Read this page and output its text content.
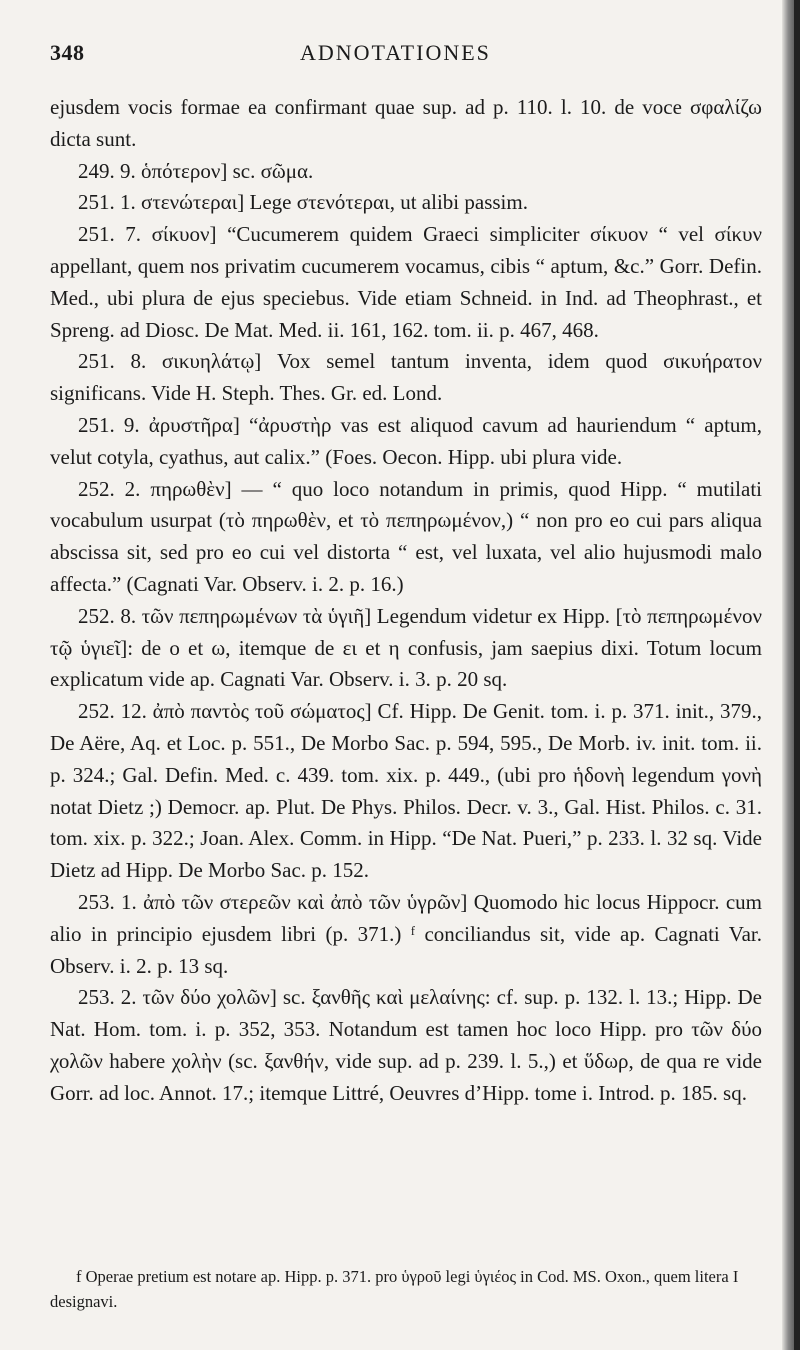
348	ADNOTATIONES

ejusdem vocis formae ea confirmant quae sup. ad p. 110. l. 10. de voce σφαλίζω dicta sunt.

249. 9. ὁπότερον] sc. σῶμα.

251. 1. στενώτεραι] Lege στενότεραι, ut alibi passim.

251. 7. σίκυον] “Cucumerem quidem Graeci simpliciter σίκυον “ vel σίκυν appellant, quem nos privatim cucumerem vocamus, cibis “ aptum, &c.” Gorr. Defin. Med., ubi plura de ejus speciebus. Vide etiam Schneid. in Ind. ad Theophrast., et Spreng. ad Diosc. De Mat. Med. ii. 161, 162. tom. ii. p. 467, 468.

251. 8. σικυηλάτῳ] Vox semel tantum inventa, idem quod σικυήρατον significans. Vide H. Steph. Thes. Gr. ed. Lond.

251. 9. ἀρυστῆρα] “ἀρυστὴρ vas est aliquod cavum ad hauriendum “ aptum, velut cotyla, cyathus, aut calix.” (Foes. Oecon. Hipp. ubi plura vide.

252. 2. πηρωθὲν] — “ quo loco notandum in primis, quod Hipp. “ mutilati vocabulum usurpat (τὸ πηρωθὲν, et τὸ πεπηρωμένον,) “ non pro eo cui pars aliqua abscissa sit, sed pro eo cui vel distorta “ est, vel luxata, vel alio hujusmodi malo affecta.” (Cagnati Var. Observ. i. 2. p. 16.)

252. 8. τῶν πεπηρωμένων τὰ ὑγιῆ] Legendum videtur ex Hipp. [τὸ πεπηρωμένον τῷ ὑγιεῖ]: de ο et ω, itemque de ει et η confusis, jam saepius dixi. Totum locum explicatum vide ap. Cagnati Var. Observ. i. 3. p. 20 sq.

252. 12. ἀπὸ παντὸς τοῦ σώματος] Cf. Hipp. De Genit. tom. i. p. 371. init., 379., De Aëre, Aq. et Loc. p. 551., De Morbo Sac. p. 594, 595., De Morb. iv. init. tom. ii. p. 324.; Gal. Defin. Med. c. 439. tom. xix. p. 449., (ubi pro ἡδονὴ legendum γονὴ notat Dietz ;) Democr. ap. Plut. De Phys. Philos. Decr. v. 3., Gal. Hist. Philos. c. 31. tom. xix. p. 322.; Joan. Alex. Comm. in Hipp. “De Nat. Pueri,” p. 233. l. 32 sq. Vide Dietz ad Hipp. De Morbo Sac. p. 152.

253. 1. ἀπὸ τῶν στερεῶν καὶ ἀπὸ τῶν ὑγρῶν] Quomodo hic locus Hippocr. cum alio in principio ejusdem libri (p. 371.) ᶠ conciliandus sit, vide ap. Cagnati Var. Observ. i. 2. p. 13 sq.

253. 2. τῶν δύο χολῶν] sc. ξανθῆς καὶ μελαίνης: cf. sup. p. 132. l. 13.; Hipp. De Nat. Hom. tom. i. p. 352, 353. Notandum est tamen hoc loco Hipp. pro τῶν δύο χολῶν habere χολὴν (sc. ξανθήν, vide sup. ad p. 239. l. 5.,) et ὕδωρ, de qua re vide Gorr. ad loc. Annot. 17.; itemque Littré, Oeuvres d’Hipp. tome i. Introd. p. 185. sq.

f Operae pretium est notare ap. Hipp. p. 371. pro ὑγροῦ legi ὑγιέος in Cod. MS. Oxon., quem litera I designavi.
